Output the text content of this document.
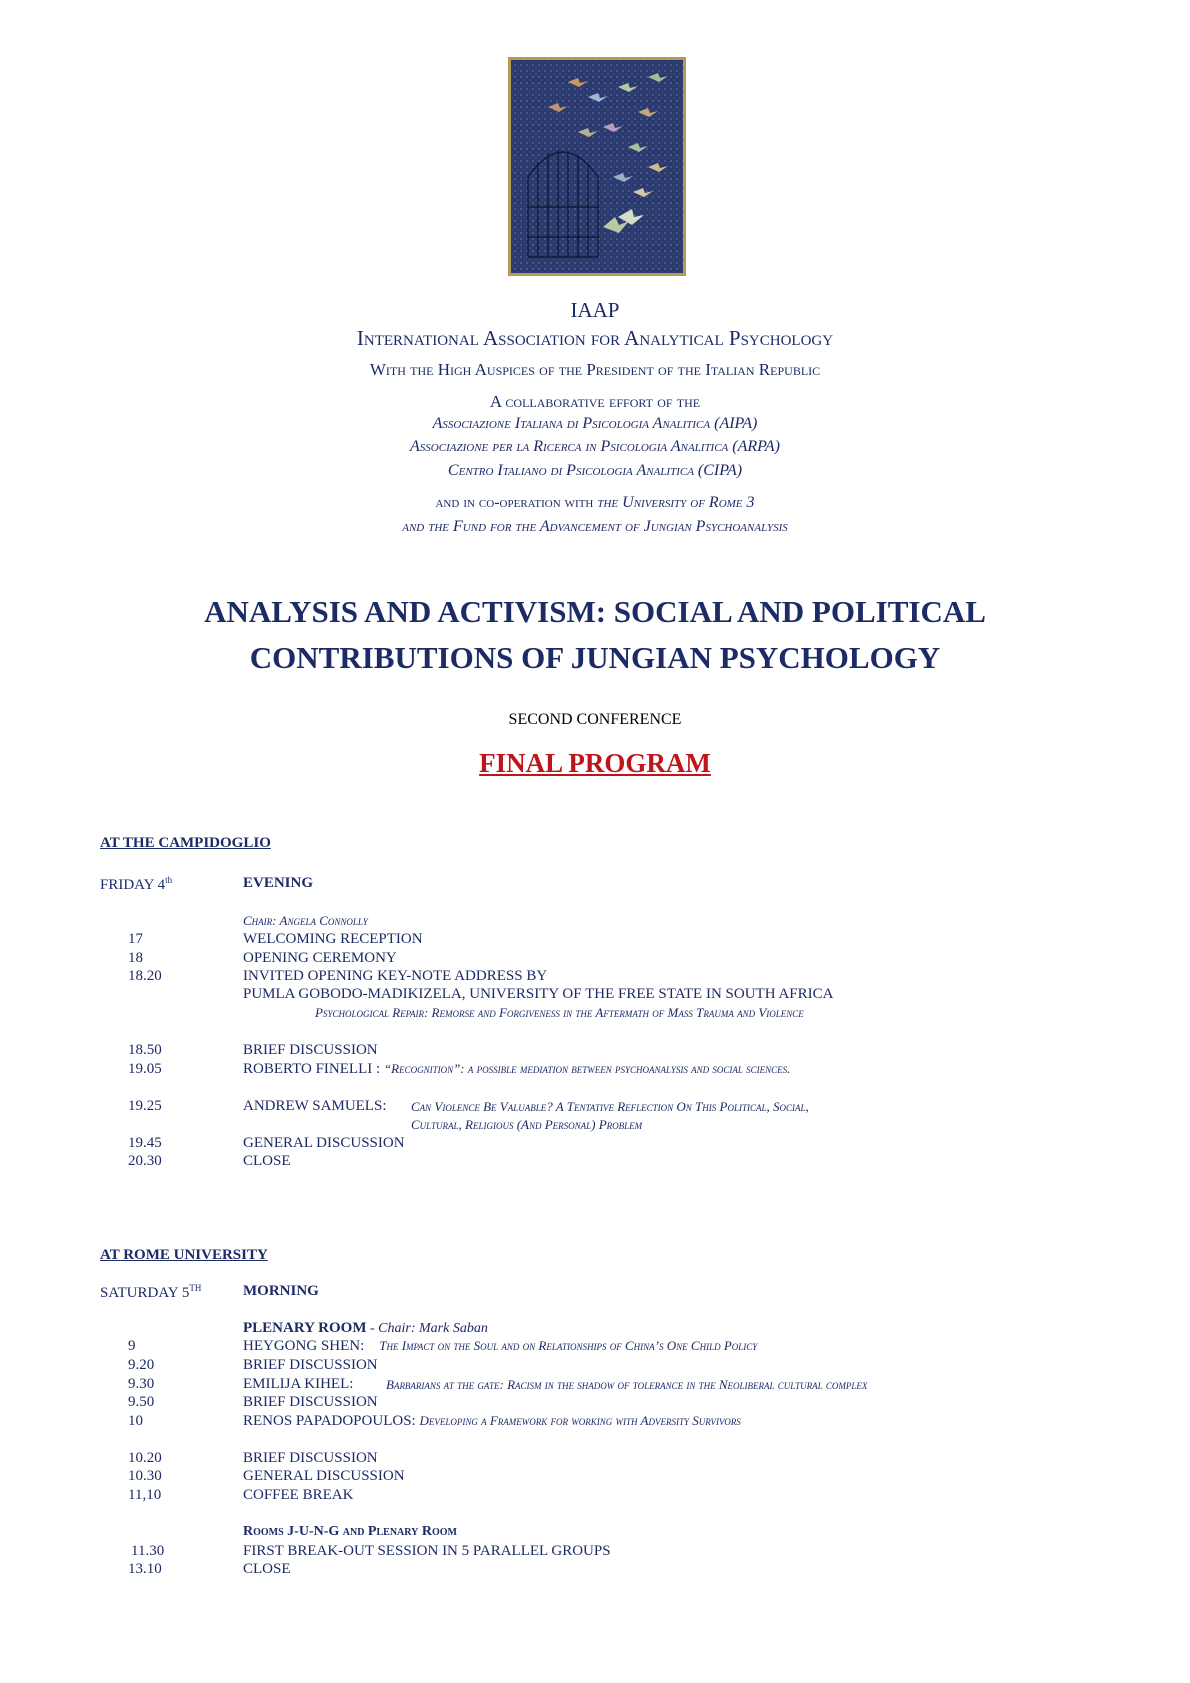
IAAP
International Association for Analytical Psychology
With the High Auspices of the President of the Italian Republic
A collaborative effort of the
Associazione Italiana di Psicologia Analitica (AIPA)
Associazione per la Ricerca in Psicologia Analitica (ARPA)
Centro Italiano di Psicologia Analitica (CIPA)
and in co-operation with the University of Rome 3
and the Fund for the Advancement of Jungian Psychoanalysis
ANALYSIS AND ACTIVISM: SOCIAL AND POLITICAL
CONTRIBUTIONS OF JUNGIAN PSYCHOLOGY
SECOND CONFERENCE
FINAL PROGRAM
AT THE CAMPIDOGLIO
FRIDAY 4th	EVENING
Chair: Angela Connolly
17	WELCOMING RECEPTION
18	OPENING CEREMONY
18.20	INVITED OPENING KEY-NOTE ADDRESS BY
PUMLA GOBODO-MADIKIZELA, UNIVERSITY OF THE FREE STATE IN SOUTH AFRICA
Psychological Repair: Remorse and Forgiveness in the Aftermath of Mass Trauma and Violence
18.50	BRIEF DISCUSSION
19.05	ROBERTO FINELLI : “Recognition”: a possible mediation between psychoanalysis and social sciences.
19.25	ANDREW SAMUELS: Can Violence Be Valuable? A Tentative Reflection On This Political, Social,
Cultural, Religious (And Personal) Problem
19.45	GENERAL DISCUSSION
20.30	CLOSE
AT ROME UNIVERSITY
SATURDAY 5TH	MORNING
PLENARY ROOM - Chair: Mark Saban
9	HEYGONG SHEN: The Impact on the Soul and on Relationships of China’s One Child Policy
9.20	BRIEF DISCUSSION
9.30	EMILIJA KIHEL:	Barbarians at the gate: Racism in the shadow of tolerance in the Neoliberal cultural complex
9.50	BRIEF DISCUSSION
10	RENOS PAPADOPOULOS: Developing a Framework for working with Adversity Survivors
10.20	BRIEF DISCUSSION
10.30	GENERAL DISCUSSION
11,10	COFFEE BREAK
Rooms J-U-N-G and Plenary Room
11.30	FIRST BREAK-OUT SESSION IN 5 PARALLEL GROUPS
13.10	CLOSE
